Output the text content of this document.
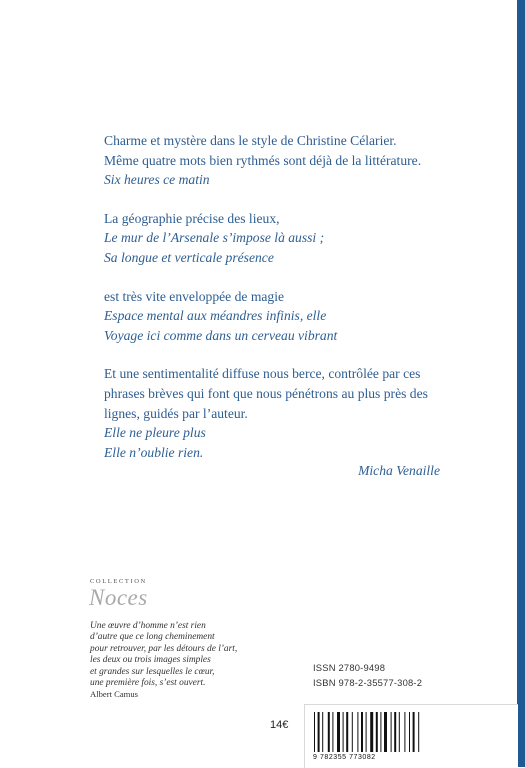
Charme et mystère dans le style de Christine Célarier.
Même quatre mots bien rythmés sont déjà de la littérature.
Six heures ce matin

La géographie précise des lieux,
Le mur de l’Arsenale s’impose là aussi ;
Sa longue et verticale présence

est très vite enveloppée de magie
Espace mental aux méandres infinis, elle
Voyage ici comme dans un cerveau vibrant

Et une sentimentalité diffuse nous berce, contrôlée par ces
phrases brèves qui font que nous pénétrons au plus près des
lignes, guidés par l’auteur.
Elle ne pleure plus
Elle n’oublie rien.

Micha Venaille
COLLECTION
Noces
Une œuvre d’homme n’est rien
d’autre que ce long cheminement
pour retrouver, par les détours de l’art,
les deux ou trois images simples
et grandes sur lesquelles le cœur,
une première fois, s’est ouvert.
Albert Camus
ISSN 2780-9498
ISBN 978-2-35577-308-2
14€
9 782355 773082
